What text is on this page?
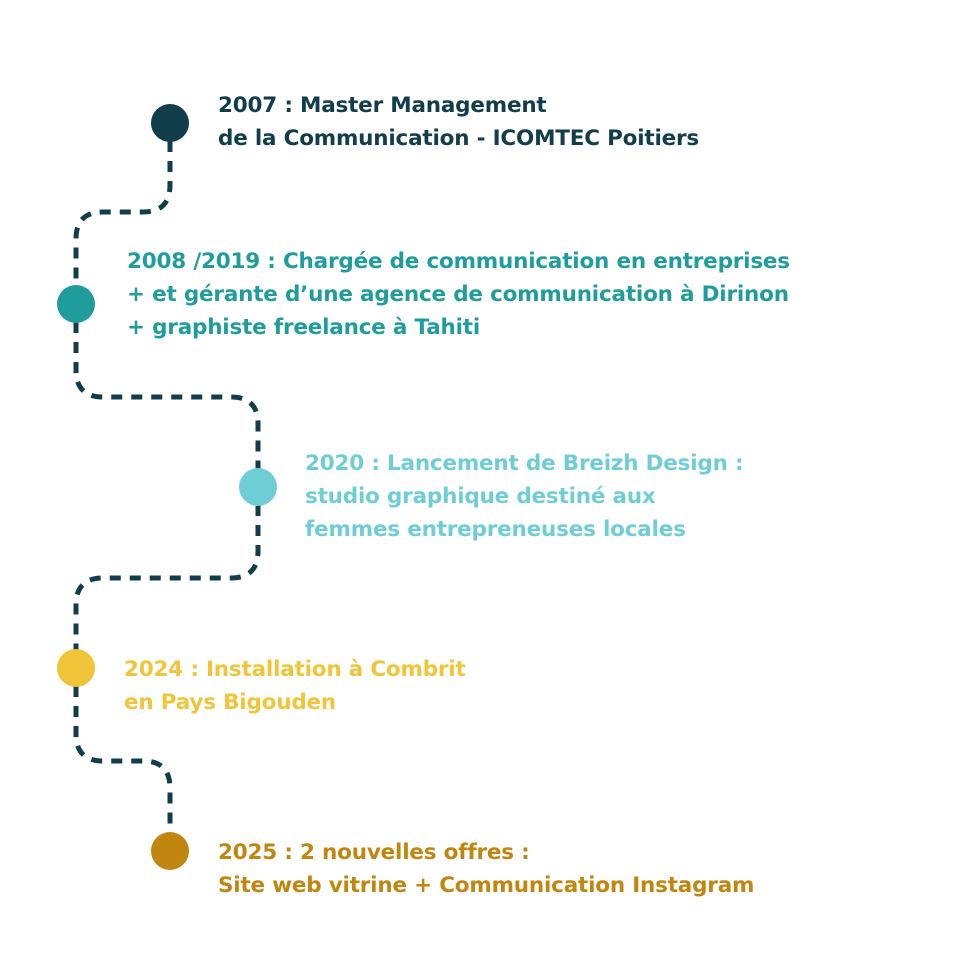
2007 : Master Management
de la Communication - ICOMTEC Poitiers
2008 /2019 : Chargée de communication en entreprises
+ et gérante d’une agence de communication à Dirinon
+ graphiste freelance à Tahiti
2020 : Lancement de Breizh Design :
studio graphique destiné aux
femmes entrepreneuses locales
2024 : Installation à Combrit
en Pays Bigouden
2025 : 2 nouvelles offres :
Site web vitrine + Communication Instagram
